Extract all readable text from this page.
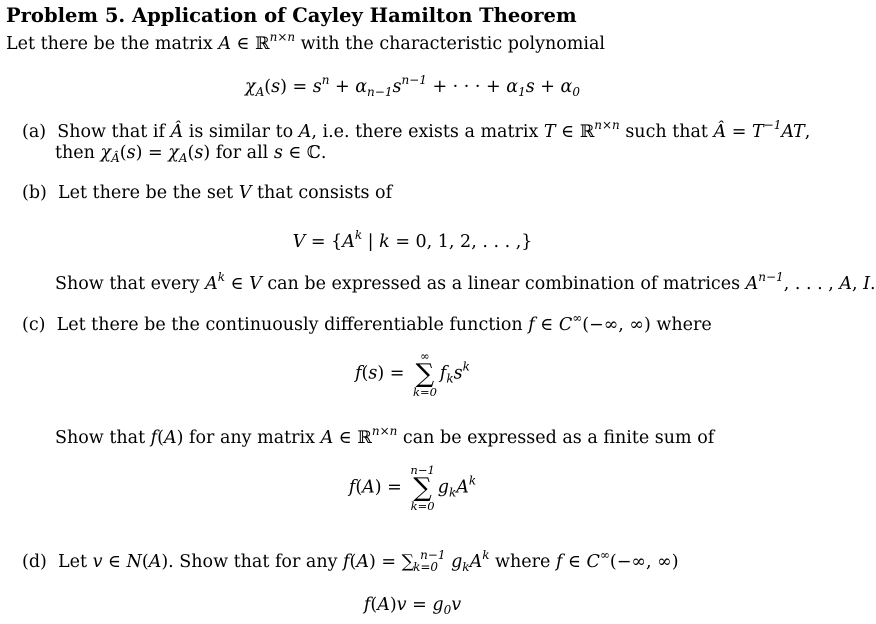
Problem 5. Application of Cayley Hamilton Theorem
Let there be the matrix A ∈ ℝ$^{n\times n}$ with the characteristic polynomial
$\chi_A(s) = s^n + \alpha_{n-1}s^{n-1}$ + · · · + $\alpha_1s + \alpha_0$
(a)  Show that if Â is similar to A, i.e. there exists a matrix T ∈ ℝ$^{n\times n}$ such that Â = $T^{-1}AT$,
then $\chi_Â(s) = \chi_A(s)$ for all s ∈ ℂ.
(b)  Let there be the set V that consists of
$V = \{A^k$ | k = 0, 1, 2, . . . ,}
Show that every $A^k$ ∈ V can be expressed as a linear combination of matrices $A^{n-1}$, . . . , A, I.
(c)  Let there be the continuously differentiable function f ∈ C∞(−∞, ∞) where
f(s) =
∞
∑
k=0
$f_ks^k$
Show that f(A) for any matrix A ∈ ℝ$^{n\times n}$ can be expressed as a finite sum of
f(A) =
n−1
∑
k=0
$g_kA^k$
(d)  Let v ∈ N(A). Show that for any $f(A) = \sum_{k=0}^{n-1}$ $g_kA^k$ where f ∈ C∞(−∞, ∞)
$f(A)v = g_0v$
